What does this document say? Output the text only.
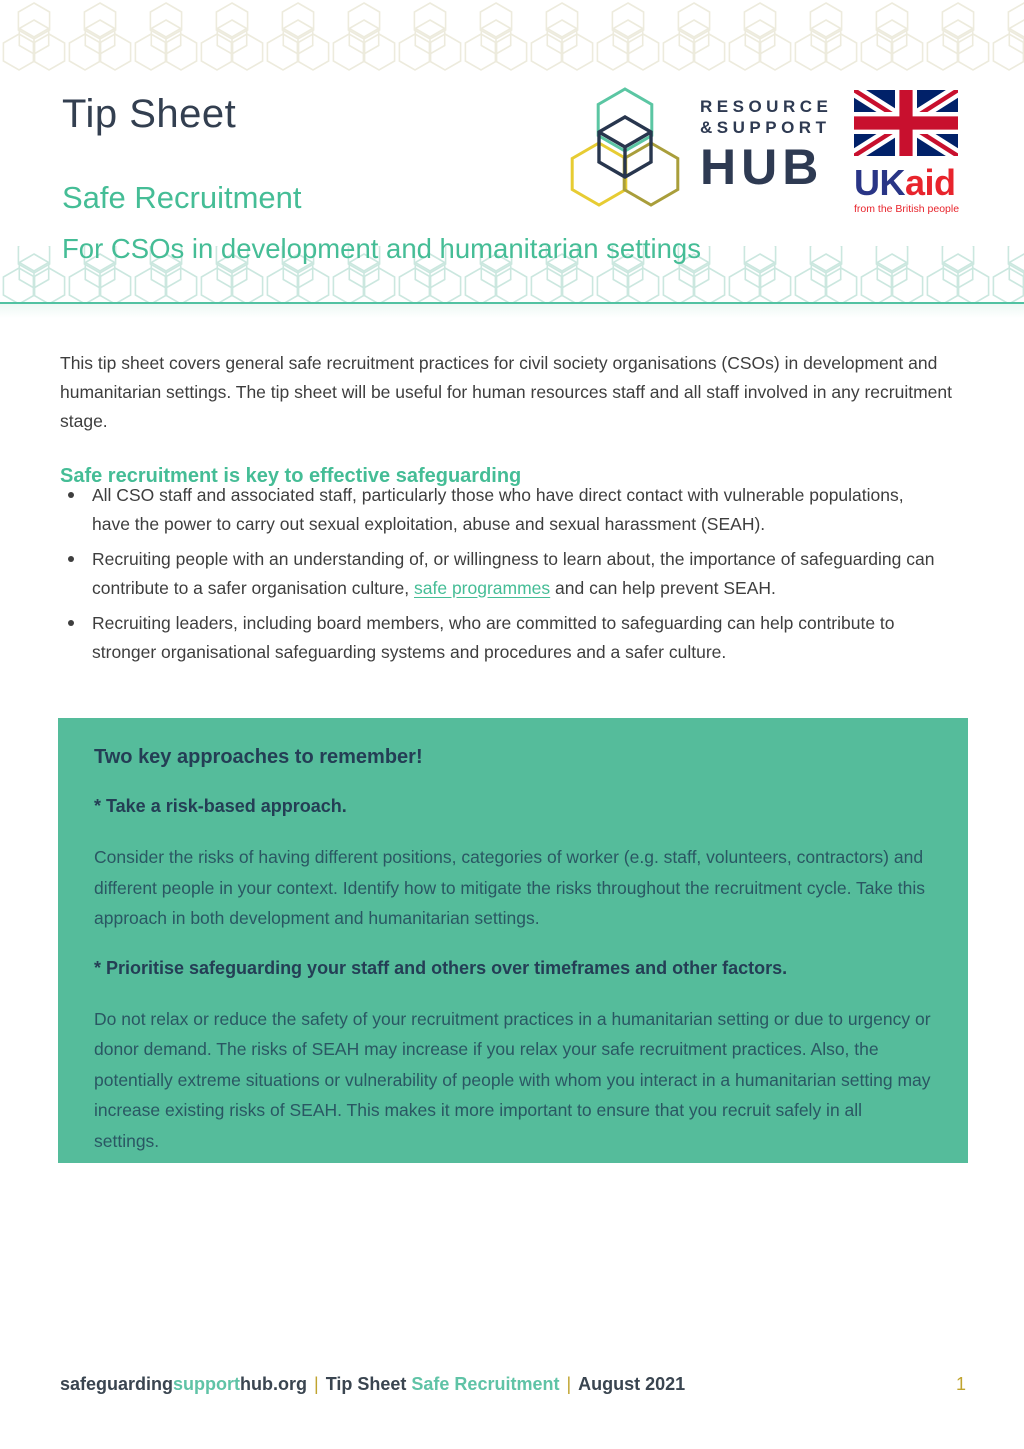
Tip Sheet
Safe Recruitment
For CSOs in development and humanitarian settings
RESOURCE
&SUPPORT
HUB UKaid
from the British people

This tip sheet covers general safe recruitment practices for civil society organisations (CSOs) in development and humanitarian settings. The tip sheet will be useful for human resources staff and all staff involved in any recruitment stage.

Safe recruitment is key to effective safeguarding
All CSO staff and associated staff, particularly those who have direct contact with vulnerable populations, have the power to carry out sexual exploitation, abuse and sexual harassment (SEAH).
Recruiting people with an understanding of, or willingness to learn about, the importance of safeguarding can contribute to a safer organisation culture, safe programmes and can help prevent SEAH.
Recruiting leaders, including board members, who are committed to safeguarding can help contribute to stronger organisational safeguarding systems and procedures and a safer culture.

Two key approaches to remember!

* Take a risk-based approach.

Consider the risks of having different positions, categories of worker (e.g. staff, volunteers, contractors) and different people in your context. Identify how to mitigate the risks throughout the recruitment cycle. Take this approach in both development and humanitarian settings.

* Prioritise safeguarding your staff and others over timeframes and other factors.

Do not relax or reduce the safety of your recruitment practices in a humanitarian setting or due to urgency or donor demand. The risks of SEAH may increase if you relax your safe recruitment practices. Also, the potentially extreme situations or vulnerability of people with whom you interact in a humanitarian setting may increase existing risks of SEAH. This makes it more important to ensure that you recruit safely in all settings.

safeguardingsupporthub.org | Tip Sheet Safe Recruitment | August 2021	1
